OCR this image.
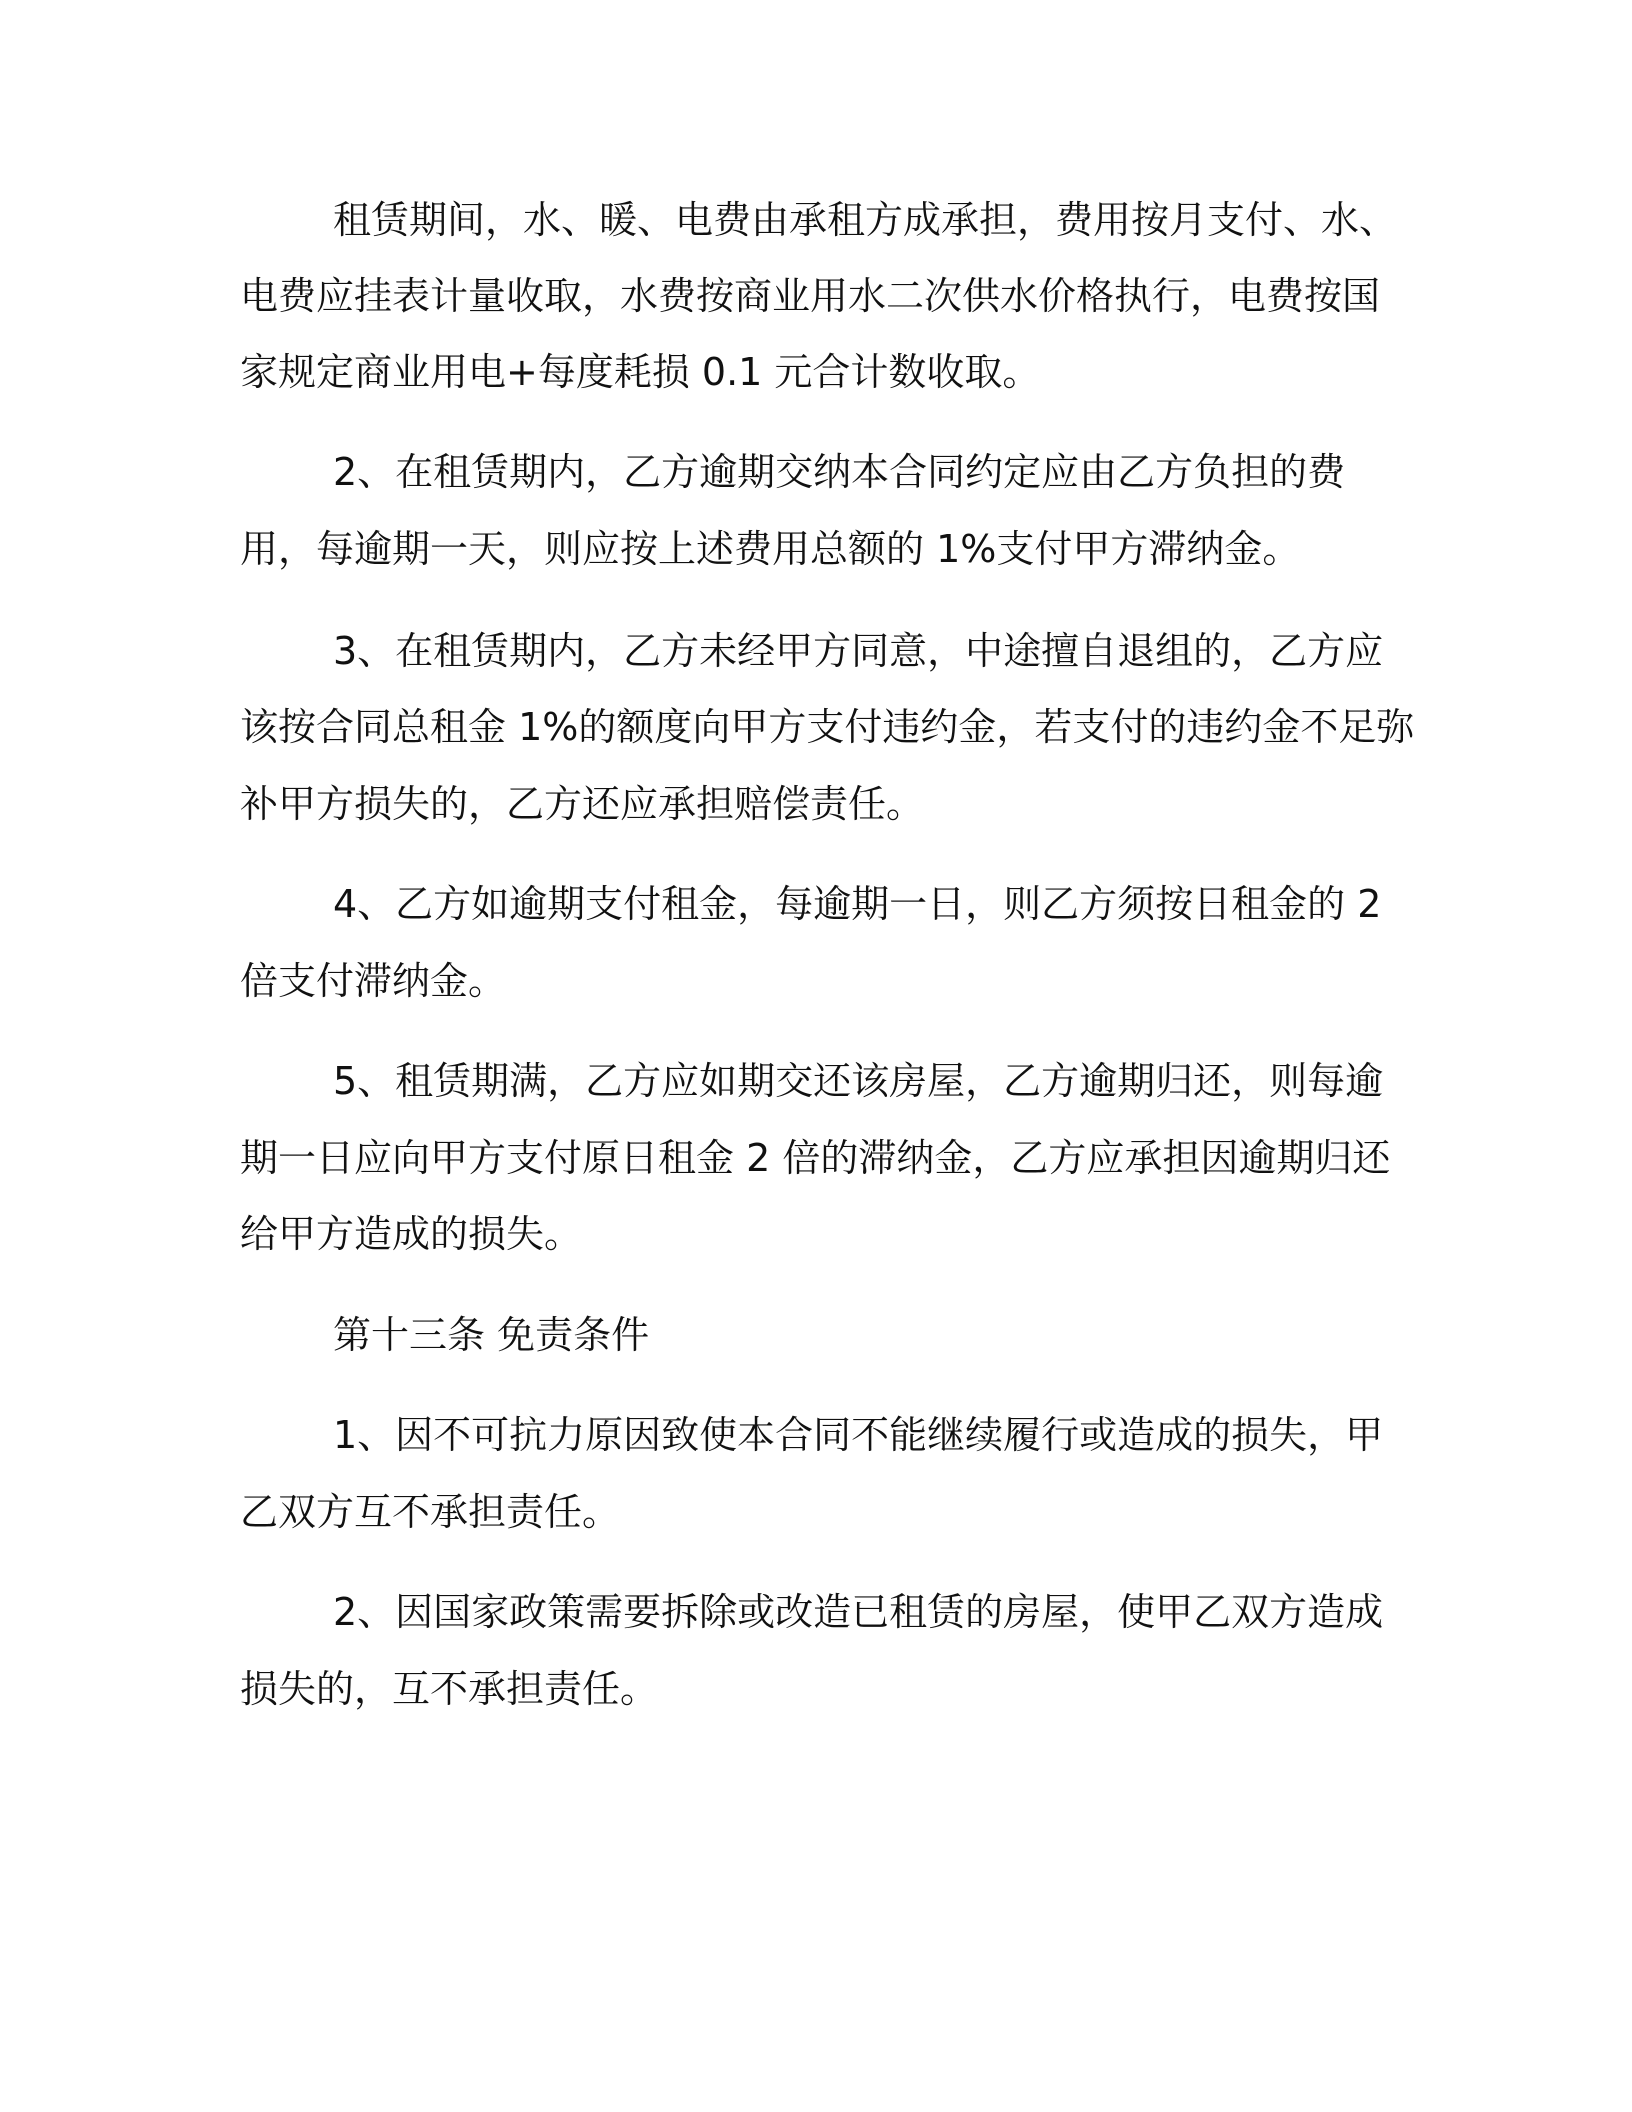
租赁期间，水、暖、电费由承租方成承担，费用按月支付、水、
电费应挂表计量收取，水费按商业用水二次供水价格执行，电费按国
家规定商业用电+每度耗损 0.1 元合计数收取。
2、在租赁期内，乙方逾期交纳本合同约定应由乙方负担的费
用，每逾期一天，则应按上述费用总额的 1%支付甲方滞纳金。
3、在租赁期内，乙方未经甲方同意，中途擅自退组的，乙方应
该按合同总租金 1%的额度向甲方支付违约金，若支付的违约金不足弥
补甲方损失的，乙方还应承担赔偿责任。
4、乙方如逾期支付租金，每逾期一日，则乙方须按日租金的 2
倍支付滞纳金。
5、租赁期满，乙方应如期交还该房屋，乙方逾期归还，则每逾
期一日应向甲方支付原日租金 2 倍的滞纳金，乙方应承担因逾期归还
给甲方造成的损失。
第十三条 免责条件
1、因不可抗力原因致使本合同不能继续履行或造成的损失，甲
乙双方互不承担责任。
2、因国家政策需要拆除或改造已租赁的房屋，使甲乙双方造成
损失的，互不承担责任。
